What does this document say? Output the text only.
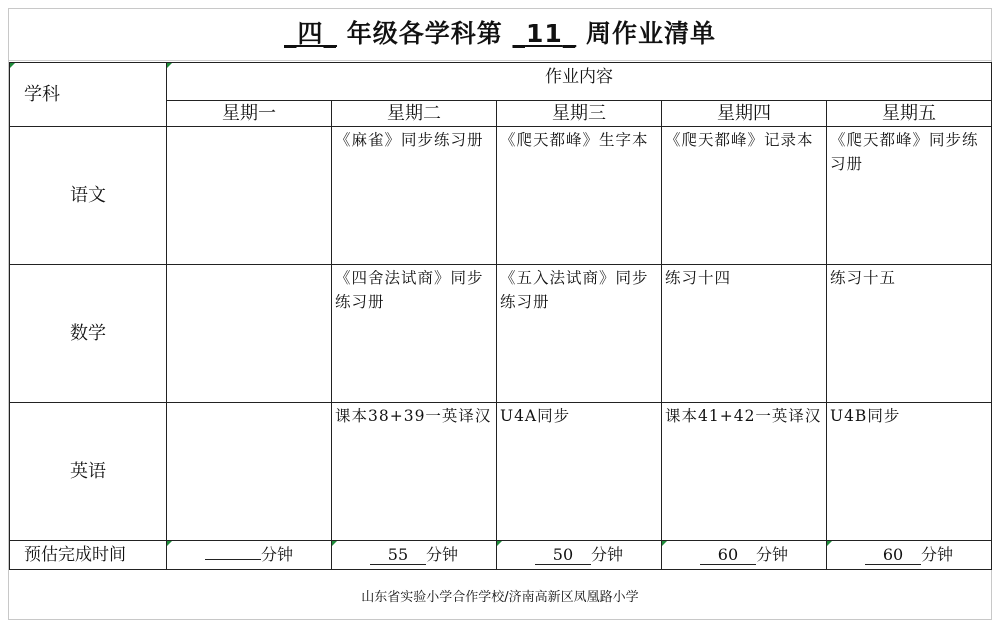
_四_ 年级各学科第 _11_ 周作业清单
学科	作业内容				
	星期一	星期二	星期三	星期四	星期五
语文		《麻雀》同步练习册	《爬天都峰》生字本	《爬天都峰》记录本	《爬天都峰》同步练习册
数学		《四舍法试商》同步练习册	《五入法试商》同步练习册	练习十四	练习十五
英语		课本38+39一英译汉	U4A同步	课本41+42一英译汉	U4B同步
预估完成时间	分钟	55 分钟	50 分钟	60 分钟	60 分钟
山东省实验小学合作学校/济南高新区凤凰路小学
